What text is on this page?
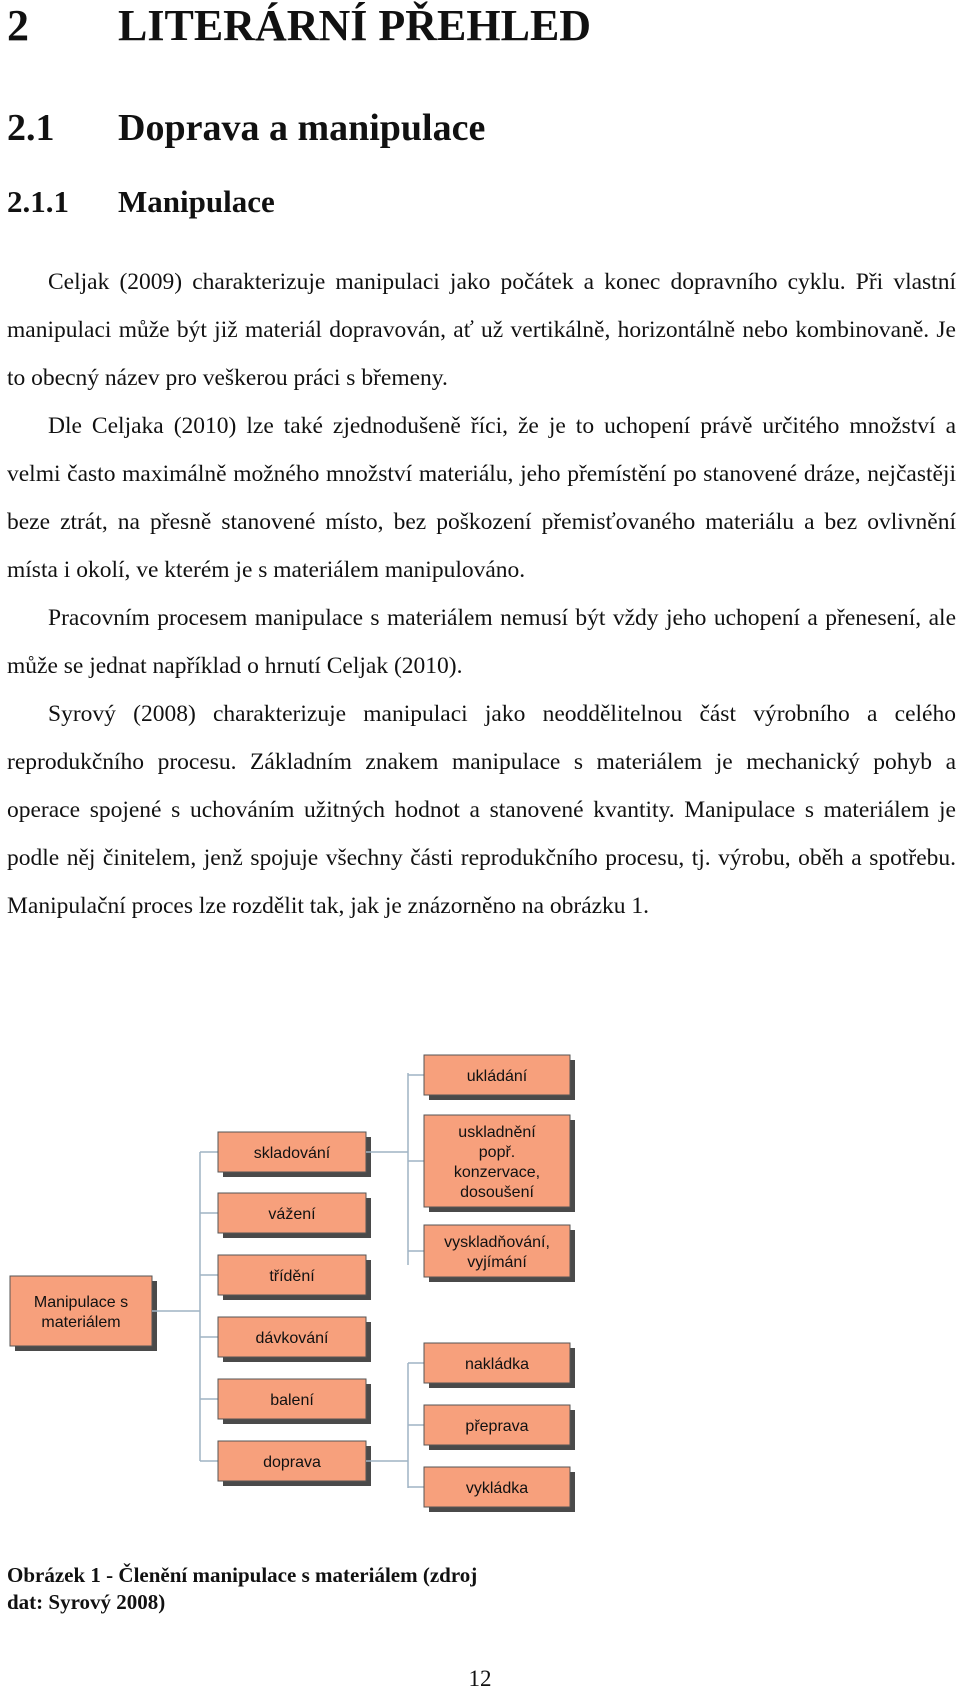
2 LITERÁRNÍ PŘEHLED
2.1 Doprava a manipulace
2.1.1 Manipulace

Celjak (2009) charakterizuje manipulaci jako počátek a konec dopravního cyklu. Při vlastní manipulaci může být již materiál dopravován, ať už vertikálně, horizontálně nebo kombinovaně. Je to obecný název pro veškerou práci s břemeny.

Dle Celjaka (2010) lze také zjednodušeně říci, že je to uchopení právě určitého množství a velmi často maximálně možného množství materiálu, jeho přemístění po stanovené dráze, nejčastěji beze ztrát, na přesně stanovené místo, bez poškození přemisťovaného materiálu a bez ovlivnění místa i okolí, ve kterém je s materiálem manipulováno.

Pracovním procesem manipulace s materiálem nemusí být vždy jeho uchopení a přenesení, ale může se jednat například o hrnutí Celjak (2010).

Syrový (2008) charakterizuje manipulaci jako neoddělitelnou část výrobního a celého reprodukčního procesu. Základním znakem manipulace s materiálem je mechanický pohyb a operace spojené s uchováním užitných hodnot a stanovené kvantity. Manipulace s materiálem je podle něj činitelem, jenž spojuje všechny části reprodukčního procesu, tj. výrobu, oběh a spotřebu. Manipulační proces lze rozdělit tak, jak je znázorněno na obrázku 1.

Manipulace s
materiálem
skladování
vážení
třídění
dávkování
balení
doprava
ukládání
uskladnění
popř.
konzervace,
dosoušení
vyskladňování,
vyjímání
nakládka
přeprava
vykládka
Obrázek 1 - Členění manipulace s materiálem (zdroj
dat: Syrový 2008)
12
